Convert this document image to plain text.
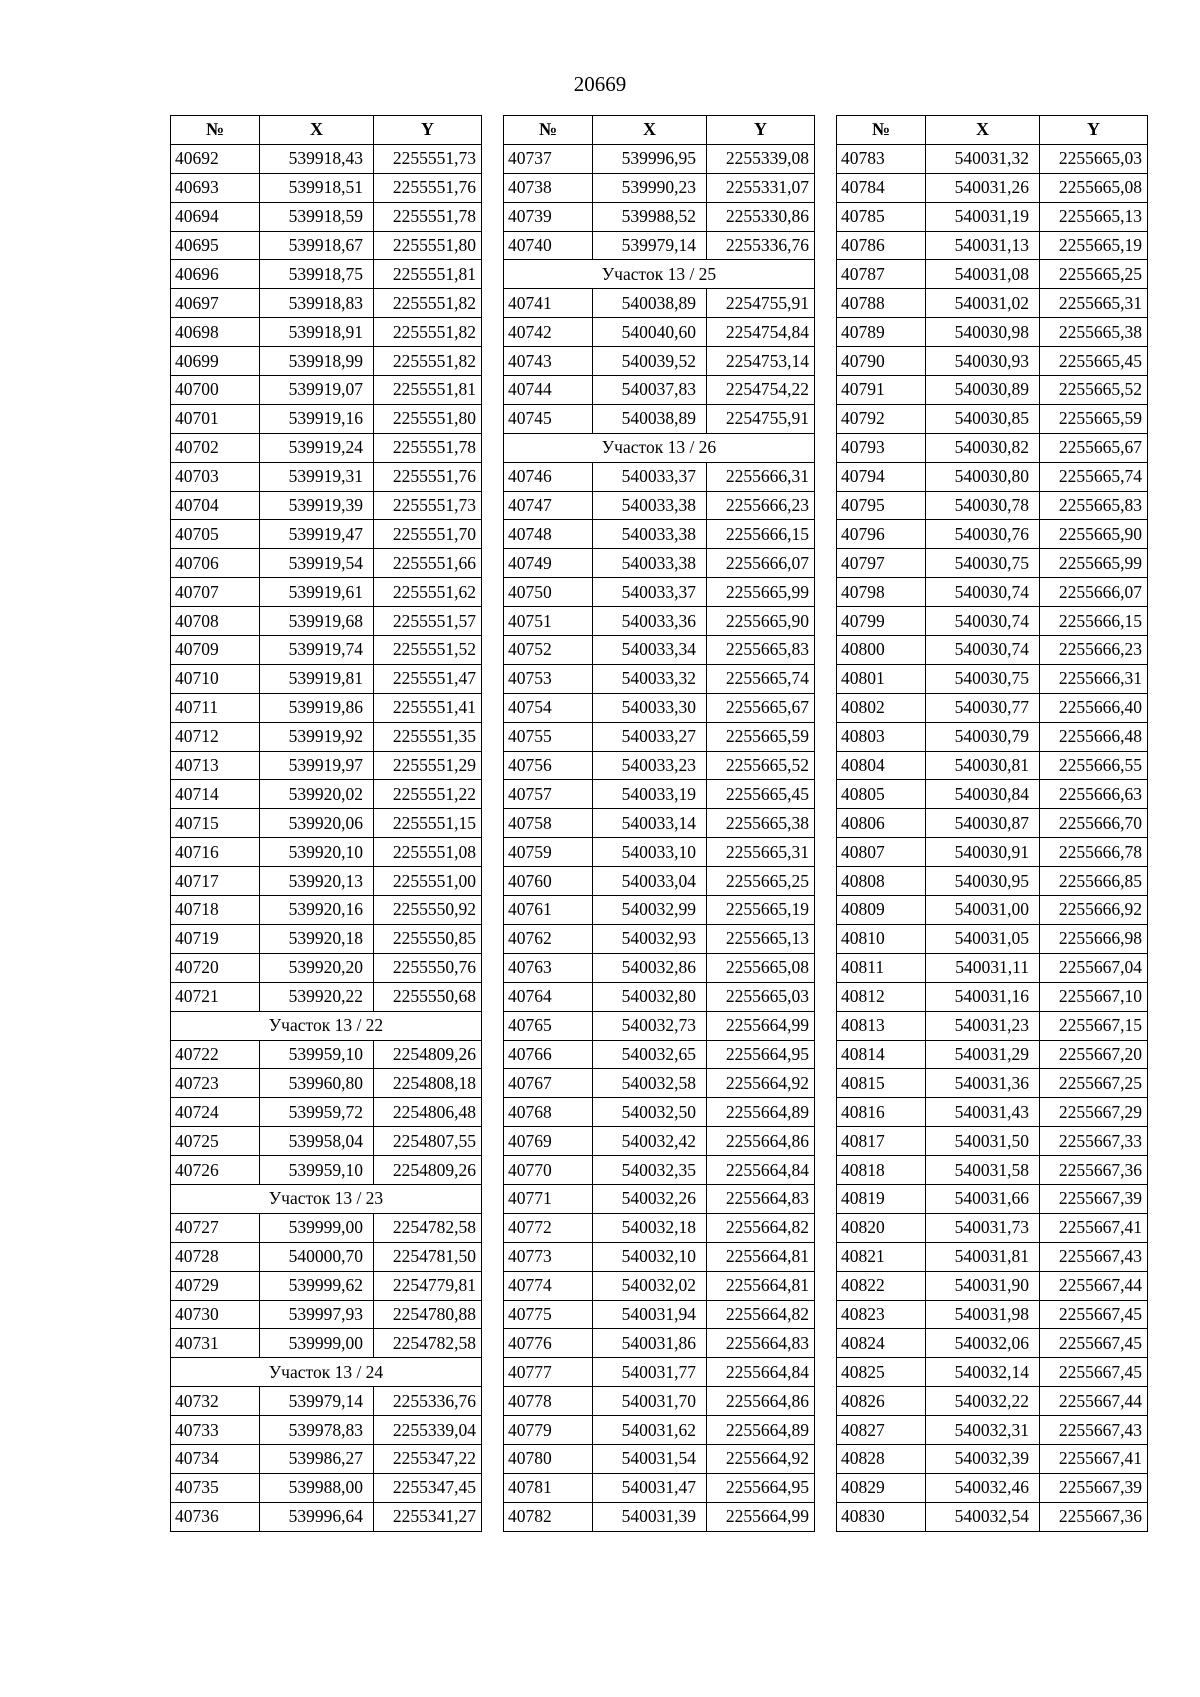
20669
№	X	Y
40692	539918,43	2255551,73
40693	539918,51	2255551,76
40694	539918,59	2255551,78
40695	539918,67	2255551,80
40696	539918,75	2255551,81
40697	539918,83	2255551,82
40698	539918,91	2255551,82
40699	539918,99	2255551,82
40700	539919,07	2255551,81
40701	539919,16	2255551,80
40702	539919,24	2255551,78
40703	539919,31	2255551,76
40704	539919,39	2255551,73
40705	539919,47	2255551,70
40706	539919,54	2255551,66
40707	539919,61	2255551,62
40708	539919,68	2255551,57
40709	539919,74	2255551,52
40710	539919,81	2255551,47
40711	539919,86	2255551,41
40712	539919,92	2255551,35
40713	539919,97	2255551,29
40714	539920,02	2255551,22
40715	539920,06	2255551,15
40716	539920,10	2255551,08
40717	539920,13	2255551,00
40718	539920,16	2255550,92
40719	539920,18	2255550,85
40720	539920,20	2255550,76
40721	539920,22	2255550,68
Участок 13 / 22		
40722	539959,10	2254809,26
40723	539960,80	2254808,18
40724	539959,72	2254806,48
40725	539958,04	2254807,55
40726	539959,10	2254809,26
Участок 13 / 23		
40727	539999,00	2254782,58
40728	540000,70	2254781,50
40729	539999,62	2254779,81
40730	539997,93	2254780,88
40731	539999,00	2254782,58
Участок 13 / 24		
40732	539979,14	2255336,76
40733	539978,83	2255339,04
40734	539986,27	2255347,22
40735	539988,00	2255347,45
40736	539996,64	2255341,27
№	X	Y
40737	539996,95	2255339,08
40738	539990,23	2255331,07
40739	539988,52	2255330,86
40740	539979,14	2255336,76
Участок 13 / 25		
40741	540038,89	2254755,91
40742	540040,60	2254754,84
40743	540039,52	2254753,14
40744	540037,83	2254754,22
40745	540038,89	2254755,91
Участок 13 / 26		
40746	540033,37	2255666,31
40747	540033,38	2255666,23
40748	540033,38	2255666,15
40749	540033,38	2255666,07
40750	540033,37	2255665,99
40751	540033,36	2255665,90
40752	540033,34	2255665,83
40753	540033,32	2255665,74
40754	540033,30	2255665,67
40755	540033,27	2255665,59
40756	540033,23	2255665,52
40757	540033,19	2255665,45
40758	540033,14	2255665,38
40759	540033,10	2255665,31
40760	540033,04	2255665,25
40761	540032,99	2255665,19
40762	540032,93	2255665,13
40763	540032,86	2255665,08
40764	540032,80	2255665,03
40765	540032,73	2255664,99
40766	540032,65	2255664,95
40767	540032,58	2255664,92
40768	540032,50	2255664,89
40769	540032,42	2255664,86
40770	540032,35	2255664,84
40771	540032,26	2255664,83
40772	540032,18	2255664,82
40773	540032,10	2255664,81
40774	540032,02	2255664,81
40775	540031,94	2255664,82
40776	540031,86	2255664,83
40777	540031,77	2255664,84
40778	540031,70	2255664,86
40779	540031,62	2255664,89
40780	540031,54	2255664,92
40781	540031,47	2255664,95
40782	540031,39	2255664,99
№	X	Y
40783	540031,32	2255665,03
40784	540031,26	2255665,08
40785	540031,19	2255665,13
40786	540031,13	2255665,19
40787	540031,08	2255665,25
40788	540031,02	2255665,31
40789	540030,98	2255665,38
40790	540030,93	2255665,45
40791	540030,89	2255665,52
40792	540030,85	2255665,59
40793	540030,82	2255665,67
40794	540030,80	2255665,74
40795	540030,78	2255665,83
40796	540030,76	2255665,90
40797	540030,75	2255665,99
40798	540030,74	2255666,07
40799	540030,74	2255666,15
40800	540030,74	2255666,23
40801	540030,75	2255666,31
40802	540030,77	2255666,40
40803	540030,79	2255666,48
40804	540030,81	2255666,55
40805	540030,84	2255666,63
40806	540030,87	2255666,70
40807	540030,91	2255666,78
40808	540030,95	2255666,85
40809	540031,00	2255666,92
40810	540031,05	2255666,98
40811	540031,11	2255667,04
40812	540031,16	2255667,10
40813	540031,23	2255667,15
40814	540031,29	2255667,20
40815	540031,36	2255667,25
40816	540031,43	2255667,29
40817	540031,50	2255667,33
40818	540031,58	2255667,36
40819	540031,66	2255667,39
40820	540031,73	2255667,41
40821	540031,81	2255667,43
40822	540031,90	2255667,44
40823	540031,98	2255667,45
40824	540032,06	2255667,45
40825	540032,14	2255667,45
40826	540032,22	2255667,44
40827	540032,31	2255667,43
40828	540032,39	2255667,41
40829	540032,46	2255667,39
40830	540032,54	2255667,36
